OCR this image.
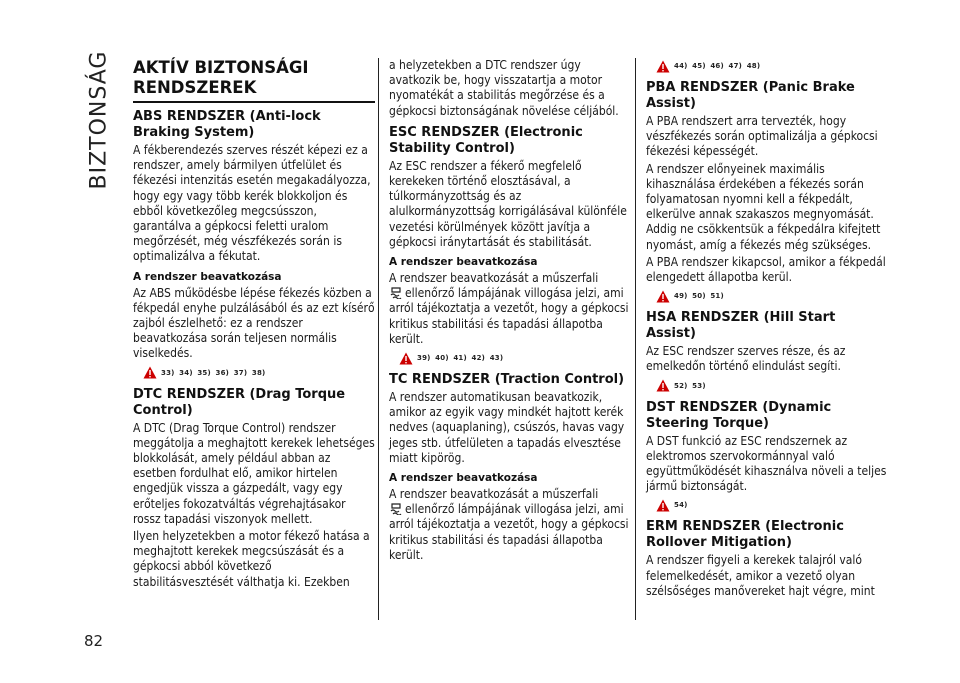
BIZTONSÁG
82
AKTÍV BIZTONSÁGI RENDSZEREK
ABS RENDSZER (Anti-lock Braking System)
A fékberendezés szerves részét képezi ez a rendszer, amely bármilyen útfelület és fékezési intenzitás esetén megakadályozza, hogy egy vagy több kerék blokkoljon és ebből következőleg megcsússzon, garantálva a gépkocsi feletti uralom megőrzését, még vészfékezés során is optimalizálva a fékutat.
A rendszer beavatkozása
Az ABS működésbe lépése fékezés közben a fékpedál enyhe pulzálásából és az ezt kísérő zajból észlelhető: ez a rendszer beavatkozása során teljesen normális viselkedés.
33) 34) 35) 36) 37) 38)
DTC RENDSZER (Drag Torque Control)
A DTC (Drag Torque Control) rendszer meggátolja a meghajtott kerekek lehetséges blokkolását, amely például abban az esetben fordulhat elő, amikor hirtelen engedjük vissza a gázpedált, vagy egy erőteljes fokozatváltás végrehajtásakor rossz tapadási viszonyok mellett.
Ilyen helyzetekben a motor fékező hatása a meghajtott kerekek megcsúszását és a gépkocsi abból következő stabilitásvesztését válthatja ki. Ezekben
a helyzetekben a DTC rendszer úgy avatkozik be, hogy visszatartja a motor nyomatékát a stabilitás megőrzése és a gépkocsi biztonságának növelése céljából.
ESC RENDSZER (Electronic Stability Control)
Az ESC rendszer a fékerő megfelelő kerekeken történő elosztásával, a túlkormányzottság és az alulkormányzottság korrigálásával különféle vezetési körülmények között javítja a gépkocsi iránytartását és stabilitását.
A rendszer beavatkozása
A rendszer beavatkozását a műszerfali
ellenőrző lámpájának villogása jelzi, ami arról tájékoztatja a vezetőt, hogy a gépkocsi kritikus stabilitási és tapadási állapotba került.
39) 40) 41) 42) 43)
TC RENDSZER (Traction Control)
A rendszer automatikusan beavatkozik, amikor az egyik vagy mindkét hajtott kerék nedves (aquaplaning), csúszós, havas vagy jeges stb. útfelületen a tapadás elvesztése miatt kipörög.
A rendszer beavatkozása
A rendszer beavatkozását a műszerfali
ellenőrző lámpájának villogása jelzi, ami arról tájékoztatja a vezetőt, hogy a gépkocsi kritikus stabilitási és tapadási állapotba került.
44) 45) 46) 47) 48)
PBA RENDSZER (Panic Brake Assist)
A PBA rendszert arra tervezték, hogy vészfékezés során optimalizálja a gépkocsi fékezési képességét.
A rendszer előnyeinek maximális kihasználása érdekében a fékezés során folyamatosan nyomni kell a fékpedált, elkerülve annak szakaszos megnyomását. Addig ne csökkentsük a fékpedálra kifejtett nyomást, amíg a fékezés még szükséges.
A PBA rendszer kikapcsol, amikor a fékpedál elengedett állapotba kerül.
49) 50) 51)
HSA RENDSZER (Hill Start Assist)
Az ESC rendszer szerves része, és az emelkedőn történő elindulást segíti.
52) 53)
DST RENDSZER (Dynamic Steering Torque)
A DST funkció az ESC rendszernek az elektromos szervokormánnyal való együttműködését kihasználva növeli a teljes jármű biztonságát.
54)
ERM RENDSZER (Electronic Rollover Mitigation)
A rendszer figyeli a kerekek talajról való felemelkedését, amikor a vezető olyan szélsőséges manővereket hajt végre, mint
